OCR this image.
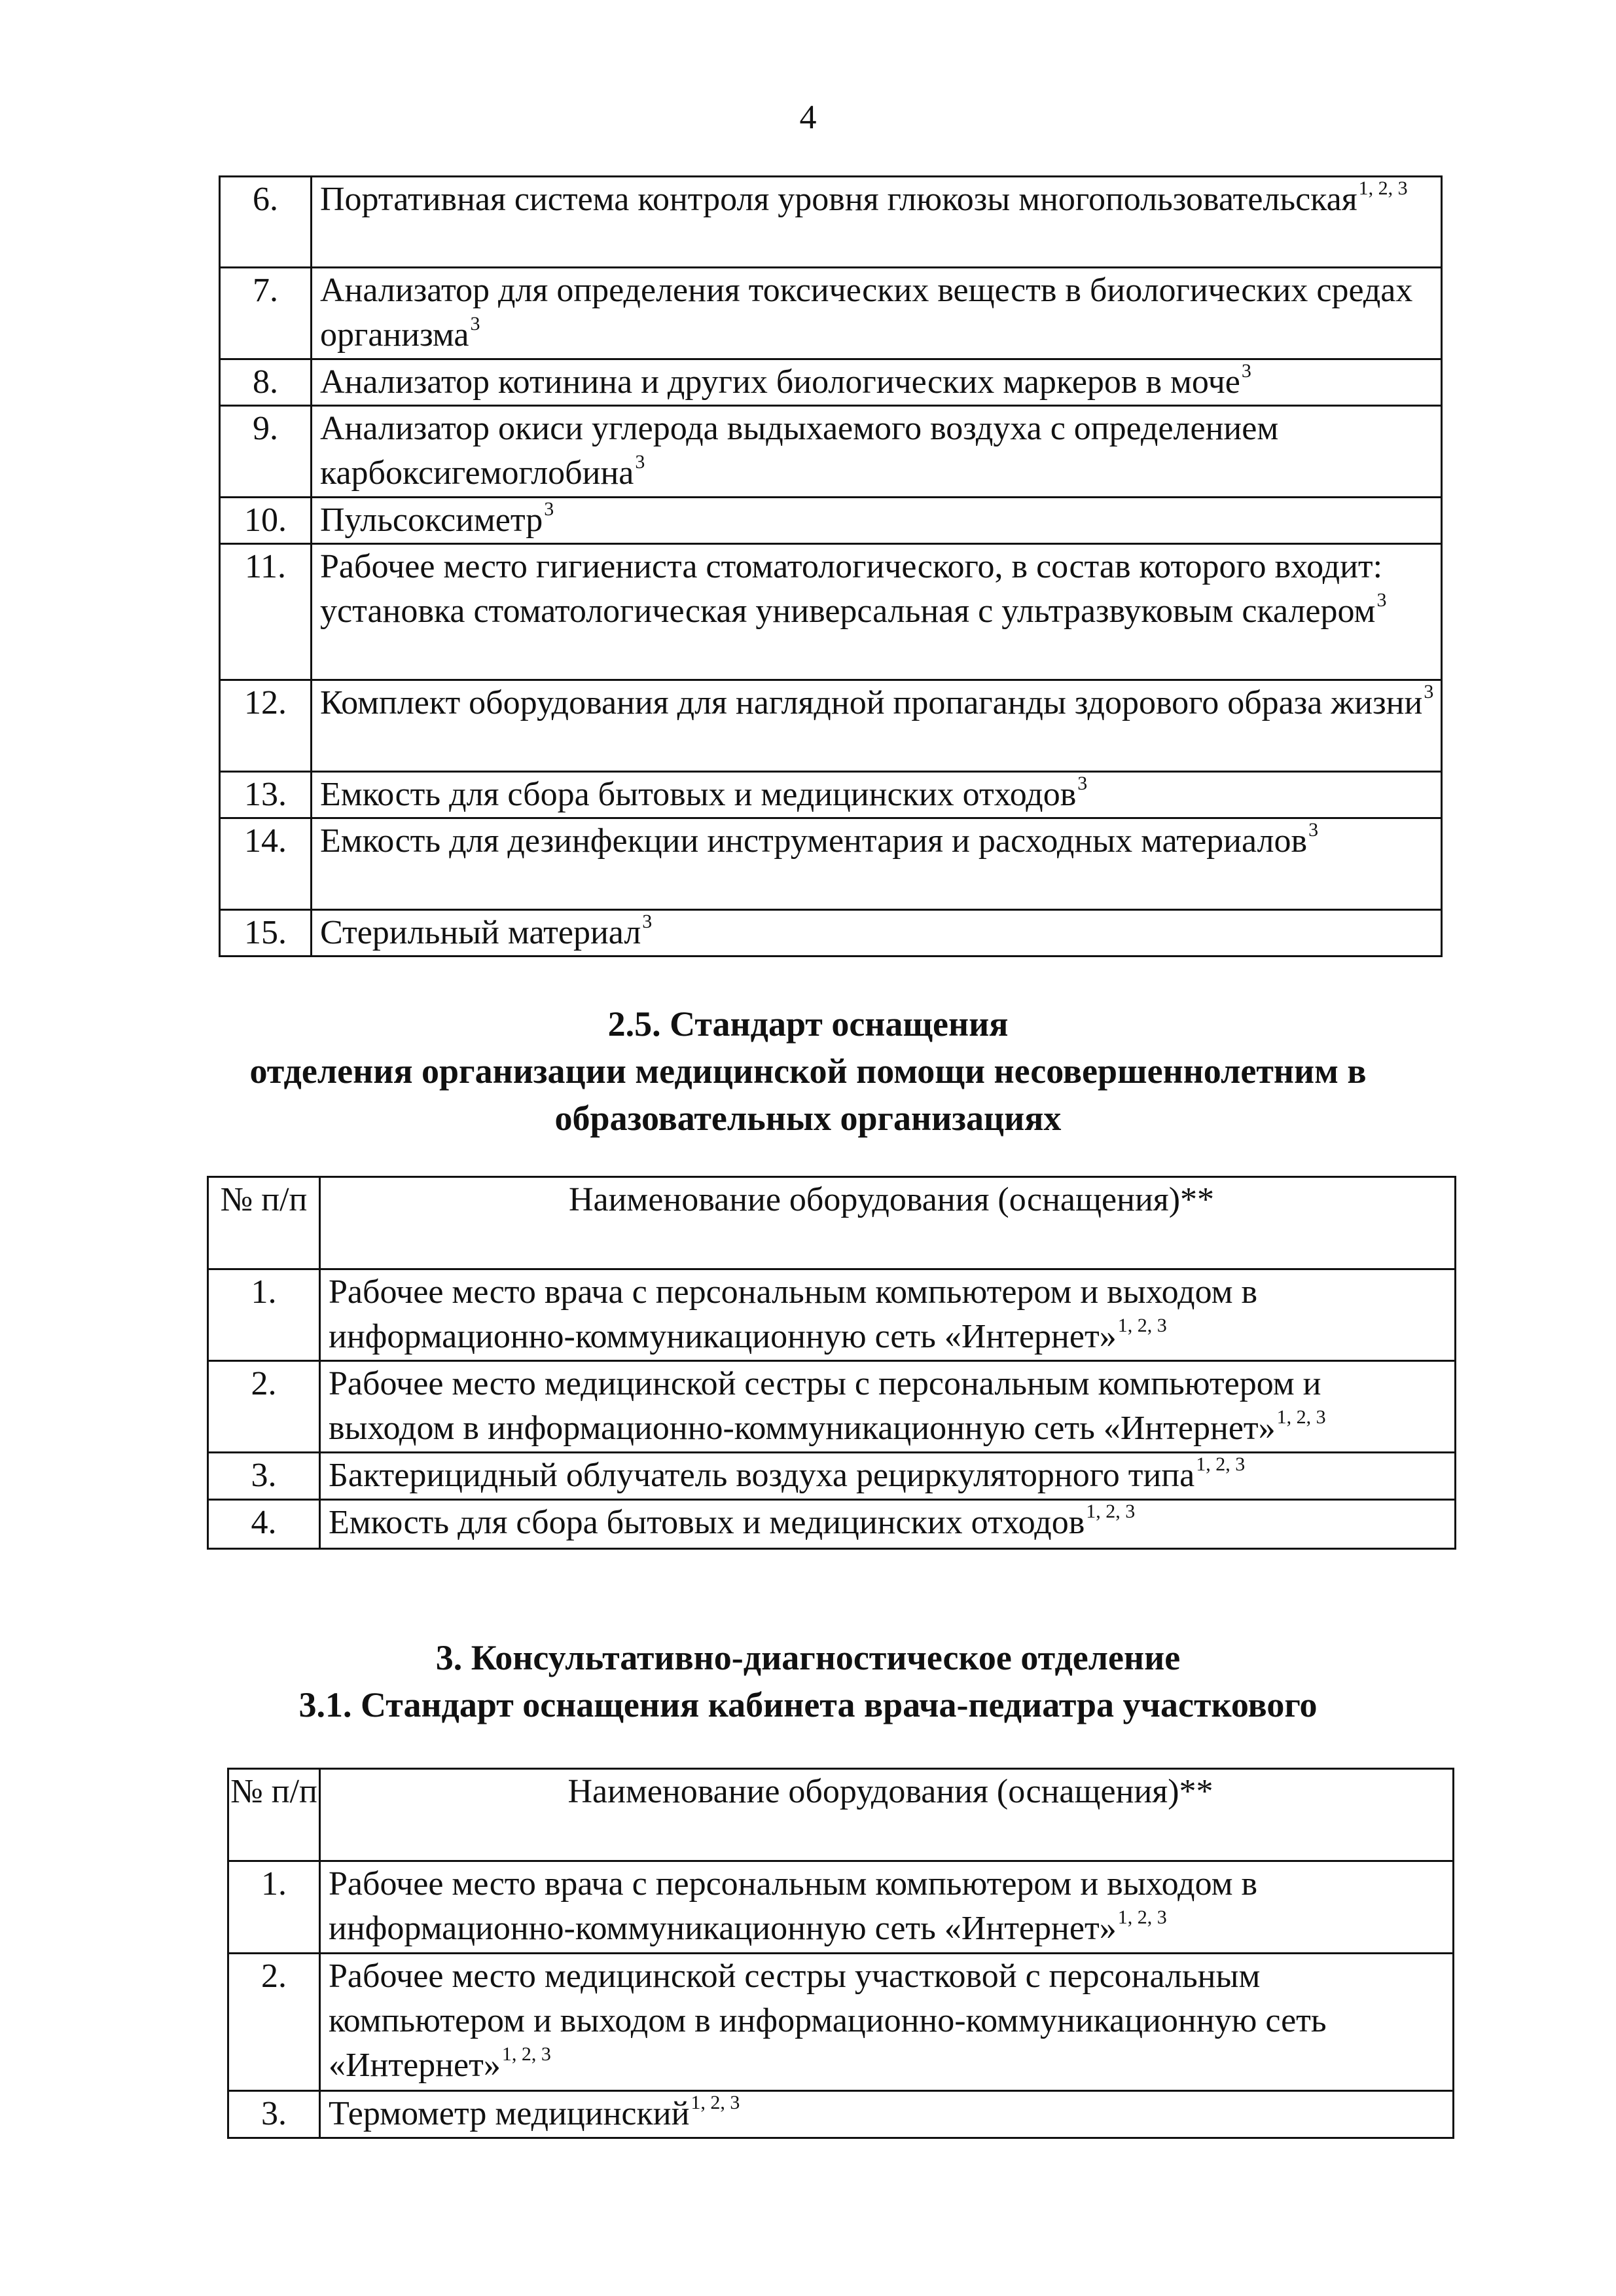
4
6.	Портативная система контроля уровня глюкозы многопользовательская$^{1, 2, 3}$
7.	Анализатор для определения токсических веществ в биологических средах организма$^3$
8.	Анализатор котинина и других биологических маркеров в моче$^3$
9.	Анализатор окиси углерода выдыхаемого воздуха с определением карбоксигемоглобина$^3$
10.	Пульсоксиметр$^3$
11.	Рабочее место гигиениста стоматологического, в состав которого входит: установка стоматологическая универсальная с ультразвуковым скалером$^3$
12.	Комплект оборудования для наглядной пропаганды здорового образа жизни$^3$
13.	Емкость для сбора бытовых и медицинских отходов$^3$
14.	Емкость для дезинфекции инструментария и расходных материалов$^3$
15.	Стерильный материал$^3$
2.5. Стандарт оснащения
отделения организации медицинской помощи несовершеннолетним в
образовательных организациях
№ п/п	Наименование оборудования (оснащения)**
1.	Рабочее место врача с персональным компьютером и выходом в информационно-коммуникационную сеть «Интернет»$^{1, 2, 3}$
2.	Рабочее место медицинской сестры с персональным компьютером и выходом в информационно-коммуникационную сеть «Интернет»$^{1, 2, 3}$
3.	Бактерицидный облучатель воздуха рециркуляторного типа$^{1, 2, 3}$
4.	Емкость для сбора бытовых и медицинских отходов$^{1, 2, 3}$
3. Консультативно-диагностическое отделение
3.1. Стандарт оснащения кабинета врача-педиатра участкового
№ п/п	Наименование оборудования (оснащения)**
1.	Рабочее место врача с персональным компьютером и выходом в информационно-коммуникационную сеть «Интернет»$^{1, 2, 3}$
2.	Рабочее место медицинской сестры участковой с персональным компьютером и выходом в информационно-коммуникационную сеть «Интернет»$^{1, 2, 3}$
3.	Термометр медицинский$^{1, 2, 3}$
